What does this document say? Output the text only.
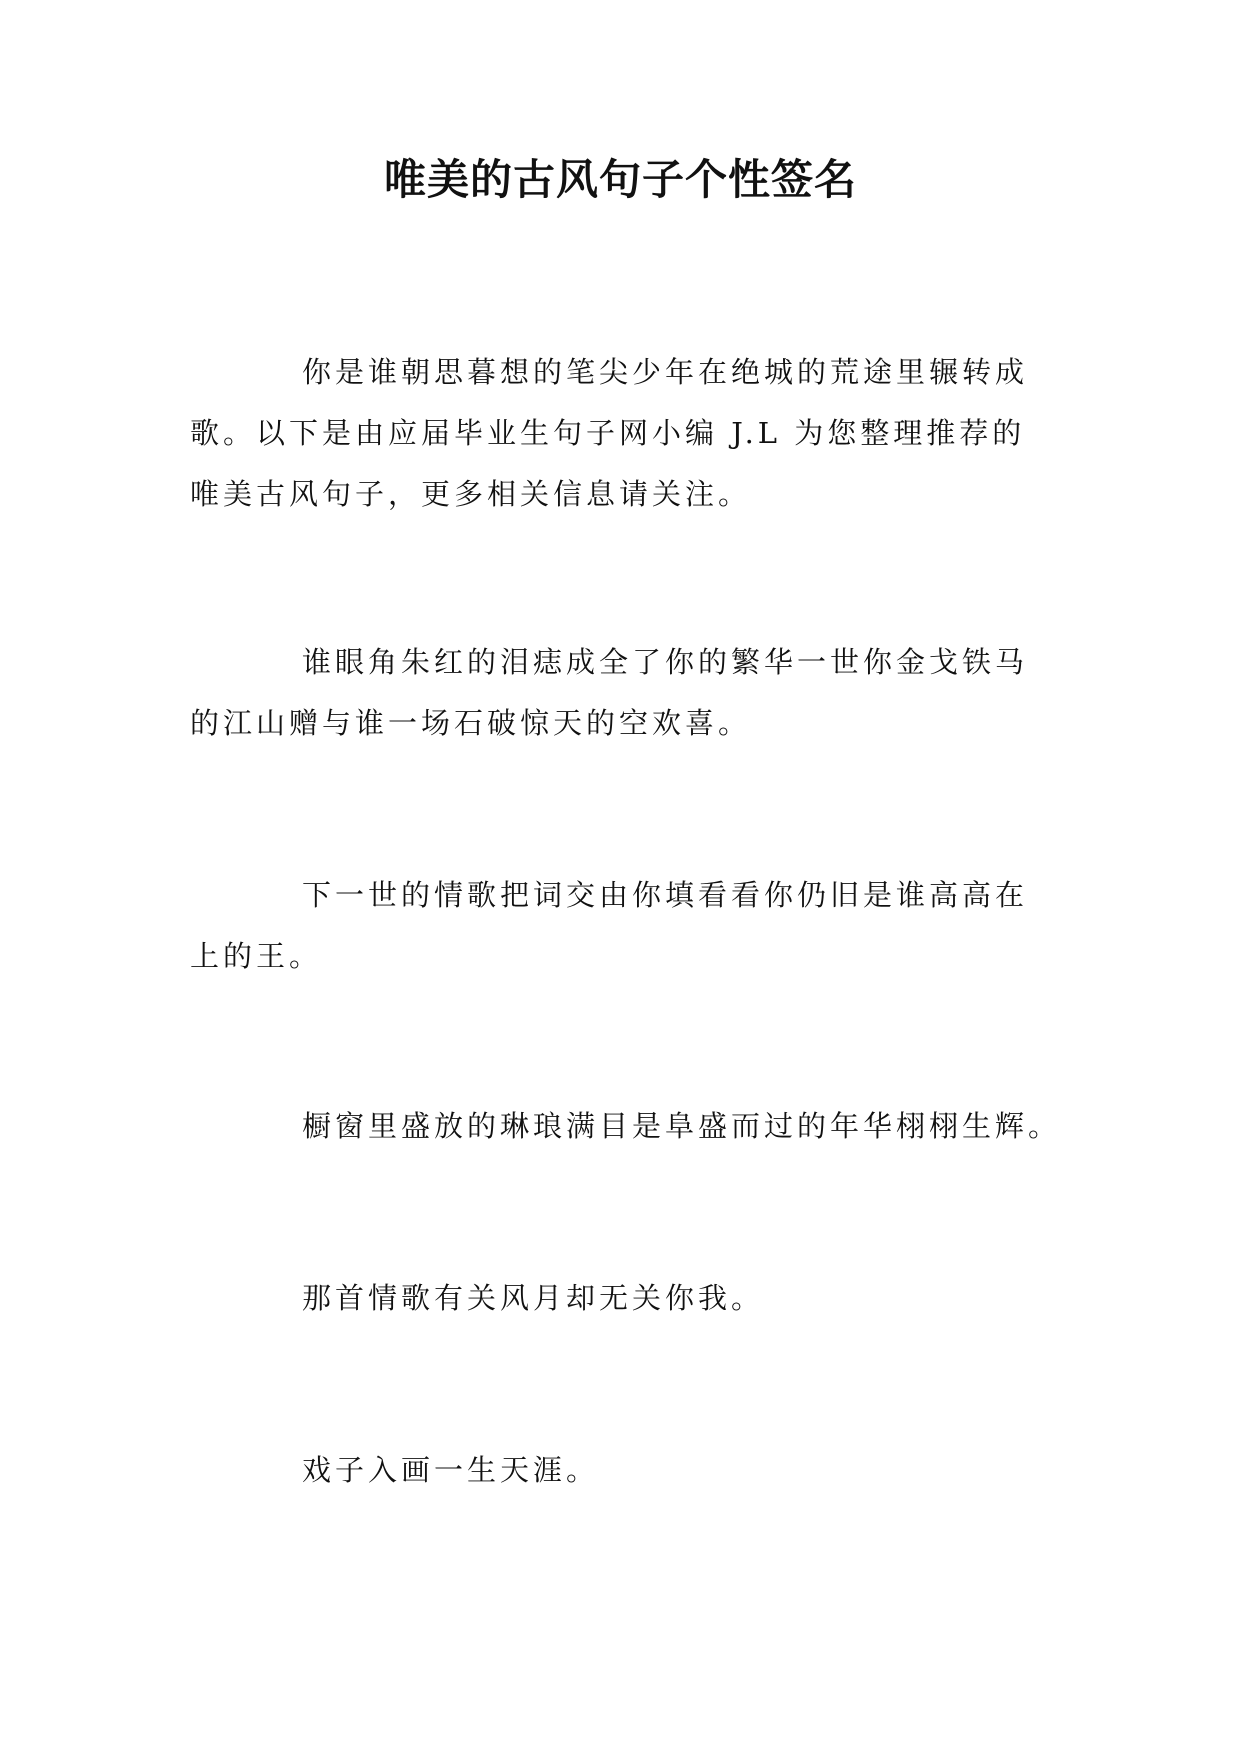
唯美的古风句子个性签名

你是谁朝思暮想的笔尖少年在绝城的荒途里辗转成歌。以下是由应届毕业生句子网小编 J.L 为您整理推荐的唯美古风句子，更多相关信息请关注。

谁眼角朱红的泪痣成全了你的繁华一世你金戈铁马的江山赠与谁一场石破惊天的空欢喜。

下一世的情歌把词交由你填看看你仍旧是谁高高在上的王。

橱窗里盛放的琳琅满目是阜盛而过的年华栩栩生辉。

那首情歌有关风月却无关你我。

戏子入画一生天涯。
